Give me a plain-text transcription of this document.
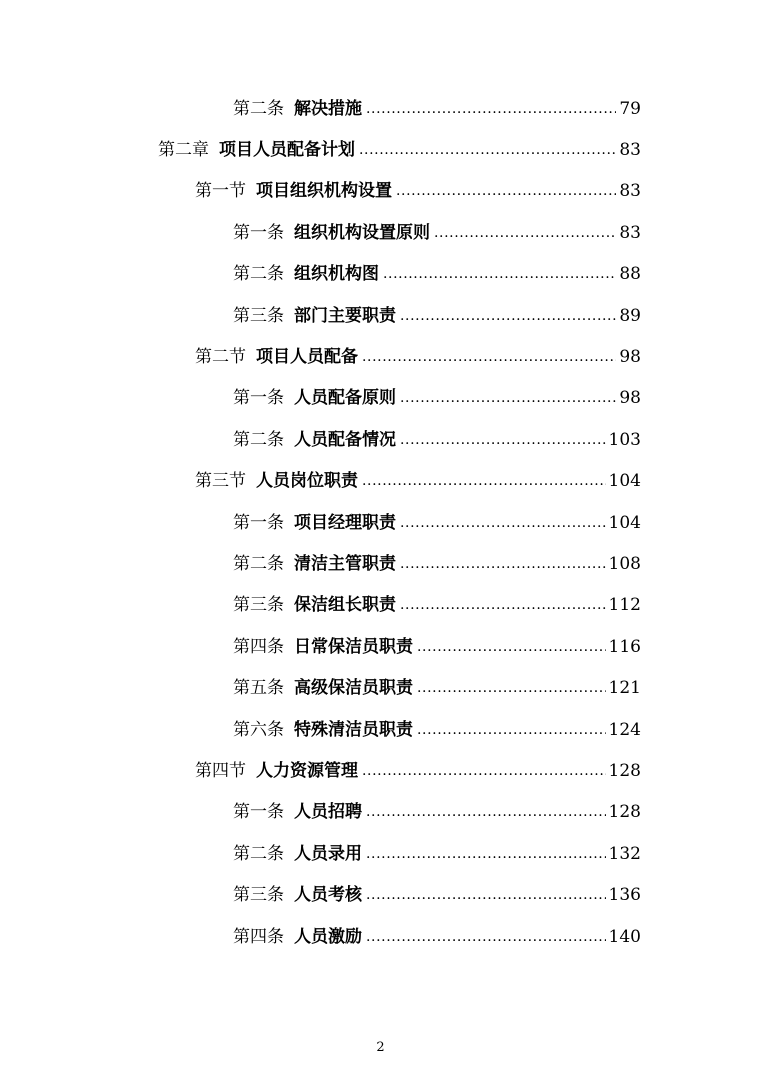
第二条 解决措施 .....	79
第二章 项目人员配备计划 .....	83
第一节 项目组织机构设置 .....	83
第一条 组织机构设置原则 .....	83
第二条 组织机构图 .....	88
第三条 部门主要职责 .....	89
第二节 项目人员配备 .....	98
第一条 人员配备原则 .....	98
第二条 人员配备情况 .....	103
第三节 人员岗位职责 .....	104
第一条 项目经理职责 .....	104
第二条 清洁主管职责 .....	108
第三条 保洁组长职责 .....	112
第四条 日常保洁员职责 .....	116
第五条 高级保洁员职责 .....	121
第六条 特殊清洁员职责 .....	124
第四节 人力资源管理 .....	128
第一条 人员招聘 .....	128
第二条 人员录用 .....	132
第三条 人员考核 .....	136
第四条 人员激励 .....	140
2
